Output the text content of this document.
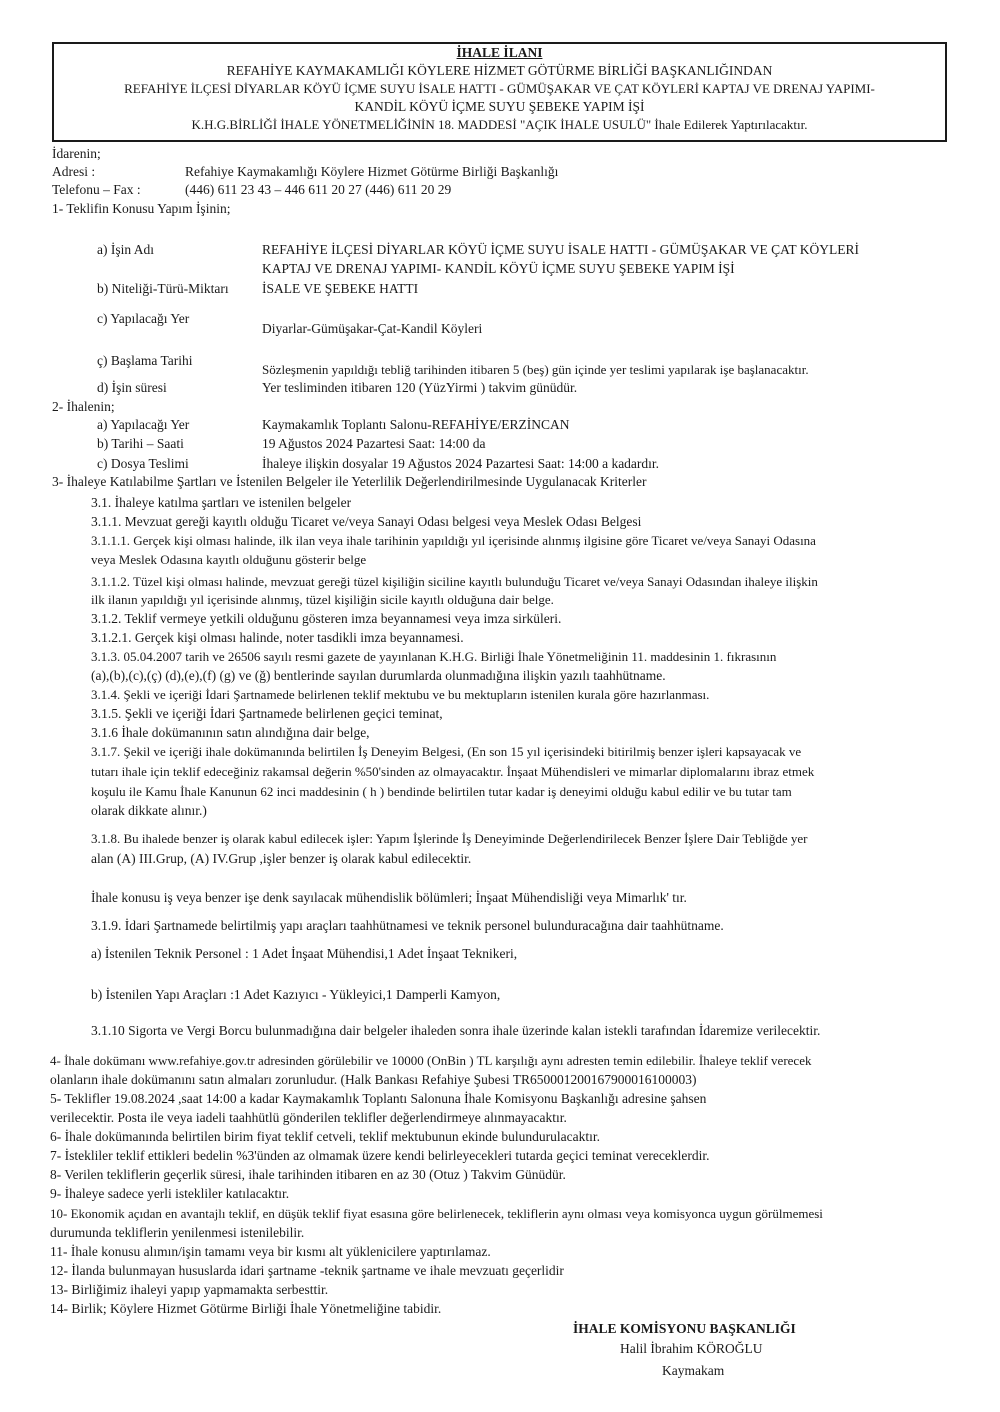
İHALE İLANI
REFAHİYE KAYMAKAMLIĞI KÖYLERE HİZMET GÖTÜRME BİRLİĞİ BAŞKANLIĞINDAN
REFAHİYE İLÇESİ DİYARLAR KÖYÜ İÇME SUYU İSALE HATTI - GÜMÜŞAKAR VE ÇAT KÖYLERİ KAPTAJ VE DRENAJ YAPIMI-
KANDİL KÖYÜ İÇME SUYU ŞEBEKE YAPIM İŞİ
K.H.G.BİRLİĞİ İHALE YÖNETMELİĞİNİN 18. MADDESİ "AÇIK İHALE USULÜ" İhale Edilerek Yaptırılacaktır.
İdarenin;
Adresi :	Refahiye Kaymakamlığı Köylere Hizmet Götürme Birliği Başkanlığı
Telefonu – Fax :	(446) 611 23 43 – 446 611 20 27 (446) 611 20 29
1- Teklifin Konusu Yapım İşinin;
a) İşin Adı	REFAHİYE İLÇESİ DİYARLAR KÖYÜ İÇME SUYU İSALE HATTI - GÜMÜŞAKAR VE ÇAT KÖYLERİ
KAPTAJ VE DRENAJ YAPIMI- KANDİL KÖYÜ İÇME SUYU ŞEBEKE YAPIM İŞİ
b) Niteliği-Türü-Miktarı İSALE VE ŞEBEKE HATTI
c) Yapılacağı Yer
Diyarlar-Gümüşakar-Çat-Kandil Köyleri
ç) Başlama Tarihi
Sözleşmenin yapıldığı tebliğ tarihinden itibaren 5 (beş) gün içinde yer teslimi yapılarak işe başlanacaktır.
d) İşin süresi	Yer tesliminden itibaren 120 (YüzYirmi ) takvim günüdür.
2- İhalenin;
a) Yapılacağı Yer	Kaymakamlık Toplantı Salonu-REFAHİYE/ERZİNCAN
b) Tarihi – Saati	19 Ağustos 2024 Pazartesi Saat: 14:00 da
c) Dosya Teslimi	İhaleye ilişkin dosyalar 19 Ağustos 2024 Pazartesi Saat: 14:00 a kadardır.
3- İhaleye Katılabilme Şartları ve İstenilen Belgeler ile Yeterlilik Değerlendirilmesinde Uygulanacak Kriterler
3.1. İhaleye katılma şartları ve istenilen belgeler
3.1.1. Mevzuat gereği kayıtlı olduğu Ticaret ve/veya Sanayi Odası belgesi veya Meslek Odası Belgesi
3.1.1.1. Gerçek kişi olması halinde, ilk ilan veya ihale tarihinin yapıldığı yıl içerisinde alınmış ilgisine göre Ticaret ve/veya Sanayi Odasına
veya Meslek Odasına kayıtlı olduğunu gösterir belge
3.1.1.2. Tüzel kişi olması halinde, mevzuat gereği tüzel kişiliğin siciline kayıtlı bulunduğu Ticaret ve/veya Sanayi Odasından ihaleye ilişkin
ilk ilanın yapıldığı yıl içerisinde alınmış, tüzel kişiliğin sicile kayıtlı olduğuna dair belge.
3.1.2. Teklif vermeye yetkili olduğunu gösteren imza beyannamesi veya imza sirküleri.
3.1.2.1. Gerçek kişi olması halinde, noter tasdikli imza beyannamesi.
3.1.3. 05.04.2007 tarih ve 26506 sayılı resmi gazete de yayınlanan K.H.G. Birliği İhale Yönetmeliğinin 11. maddesinin 1. fıkrasının
(a),(b),(c),(ç) (d),(e),(f) (g) ve (ğ) bentlerinde sayılan durumlarda olunmadığına ilişkin yazılı taahhütname.
3.1.4. Şekli ve içeriği İdari Şartnamede belirlenen teklif mektubu ve bu mektupların istenilen kurala göre hazırlanması.
3.1.5. Şekli ve içeriği İdari Şartnamede belirlenen geçici teminat,
3.1.6 İhale dokümanının satın alındığına dair belge,
3.1.7. Şekil ve içeriği ihale dokümanında belirtilen İş Deneyim Belgesi, (En son 15 yıl içerisindeki bitirilmiş benzer işleri kapsayacak ve
tutarı ihale için teklif edeceğiniz rakamsal değerin %50'sinden az olmayacaktır. İnşaat Mühendisleri ve mimarlar diplomalarını ibraz etmek
koşulu ile Kamu İhale Kanunun 62 inci maddesinin ( h ) bendinde belirtilen tutar kadar iş deneyimi olduğu kabul edilir ve bu tutar tam
olarak dikkate alınır.)
3.1.8. Bu ihalede benzer iş olarak kabul edilecek işler: Yapım İşlerinde İş Deneyiminde Değerlendirilecek Benzer İşlere Dair Tebliğde yer
alan (A) III.Grup, (A) IV.Grup ,işler benzer iş olarak kabul edilecektir.
İhale konusu iş veya benzer işe denk sayılacak mühendislik bölümleri; İnşaat Mühendisliği veya Mimarlık' tır.
3.1.9. İdari Şartnamede belirtilmiş yapı araçları taahhütnamesi ve teknik personel bulunduracağına dair taahhütname.
a) İstenilen Teknik Personel : 1 Adet İnşaat Mühendisi,1 Adet İnşaat Teknikeri,
b) İstenilen Yapı Araçları :1 Adet Kazıyıcı - Yükleyici,1 Damperli Kamyon,
3.1.10 Sigorta ve Vergi Borcu bulunmadığına dair belgeler ihaleden sonra ihale üzerinde kalan istekli tarafından İdaremize verilecektir.
4- İhale dokümanı www.refahiye.gov.tr adresinden görülebilir ve 10000 (OnBin ) TL karşılığı aynı adresten temin edilebilir. İhaleye teklif verecek
olanların ihale dokümanını satın almaları zorunludur. (Halk Bankası Refahiye Şubesi TR650001200167900016100003)
5- Teklifler 19.08.2024 ,saat 14:00 a kadar Kaymakamlık Toplantı Salonuna İhale Komisyonu Başkanlığı adresine şahsen
verilecektir. Posta ile veya iadeli taahhütlü gönderilen teklifler değerlendirmeye alınmayacaktır.
6- İhale dokümanında belirtilen birim fiyat teklif cetveli, teklif mektubunun ekinde bulundurulacaktır.
7- İstekliler teklif ettikleri bedelin %3'ünden az olmamak üzere kendi belirleyecekleri tutarda geçici teminat vereceklerdir.
8- Verilen tekliflerin geçerlik süresi, ihale tarihinden itibaren en az 30 (Otuz ) Takvim Günüdür.
9- İhaleye sadece yerli istekliler katılacaktır.
10- Ekonomik açıdan en avantajlı teklif, en düşük teklif fiyat esasına göre belirlenecek, tekliflerin aynı olması veya komisyonca uygun görülmemesi
durumunda tekliflerin yenilenmesi istenilebilir.
11- İhale konusu alımın/işin tamamı veya bir kısmı alt yüklenicilere yaptırılamaz.
12- İlanda bulunmayan hususlarda idari şartname -teknik şartname ve ihale mevzuatı geçerlidir
13- Birliğimiz ihaleyi yapıp yapmamakta serbesttir.
14- Birlik; Köylere Hizmet Götürme Birliği İhale Yönetmeliğine tabidir.
İHALE KOMİSYONU BAŞKANLIĞI
Halil İbrahim KÖROĞLU
Kaymakam
